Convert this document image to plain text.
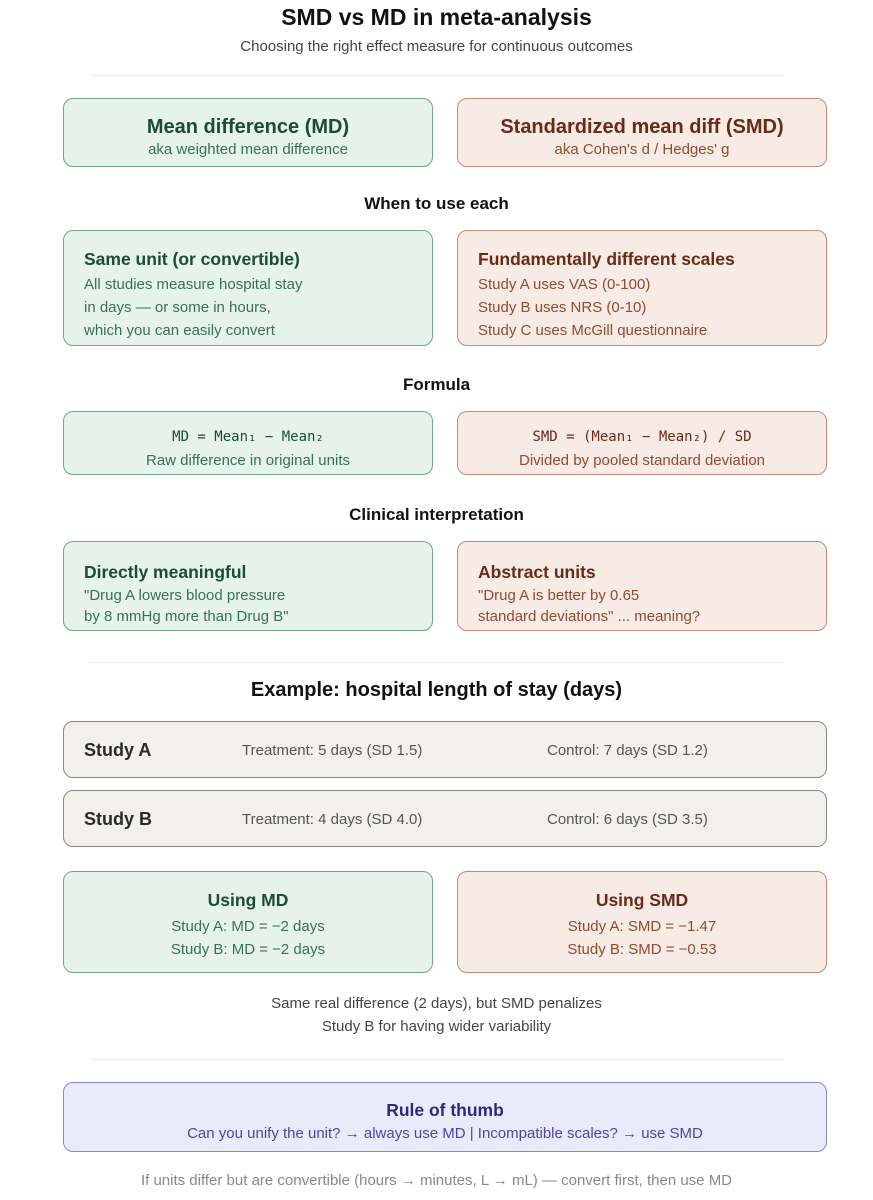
SMD vs MD in meta-analysis
Choosing the right effect measure for continuous outcomes
Mean difference (MD)
aka weighted mean difference
Standardized mean diff (SMD)
aka Cohen's d / Hedges' g
When to use each
Same unit (or convertible)
All studies measure hospital stay
in days — or some in hours,
which you can easily convert
Fundamentally different scales
Study A uses VAS (0-100)
Study B uses NRS (0-10)
Study C uses McGill questionnaire
Formula
MD = Mean₁ − Mean₂
Raw difference in original units
SMD = (Mean₁ − Mean₂) / SD
Divided by pooled standard deviation
Clinical interpretation
Directly meaningful
"Drug A lowers blood pressure
by 8 mmHg more than Drug B"
Abstract units
"Drug A is better by 0.65
standard deviations" ... meaning?
Example: hospital length of stay (days)
Study A	Treatment: 5 days (SD 1.5)	Control: 7 days (SD 1.2)
Study B	Treatment: 4 days (SD 4.0)	Control: 6 days (SD 3.5)
Using MD
Study A: MD = −2 days
Study B: MD = −2 days
Using SMD
Study A: SMD = −1.47
Study B: SMD = −0.53
Same real difference (2 days), but SMD penalizes
Study B for having wider variability
Rule of thumb
Can you unify the unit? → always use MD | Incompatible scales? → use SMD
If units differ but are convertible (hours → minutes, L → mL) — convert first, then use MD
